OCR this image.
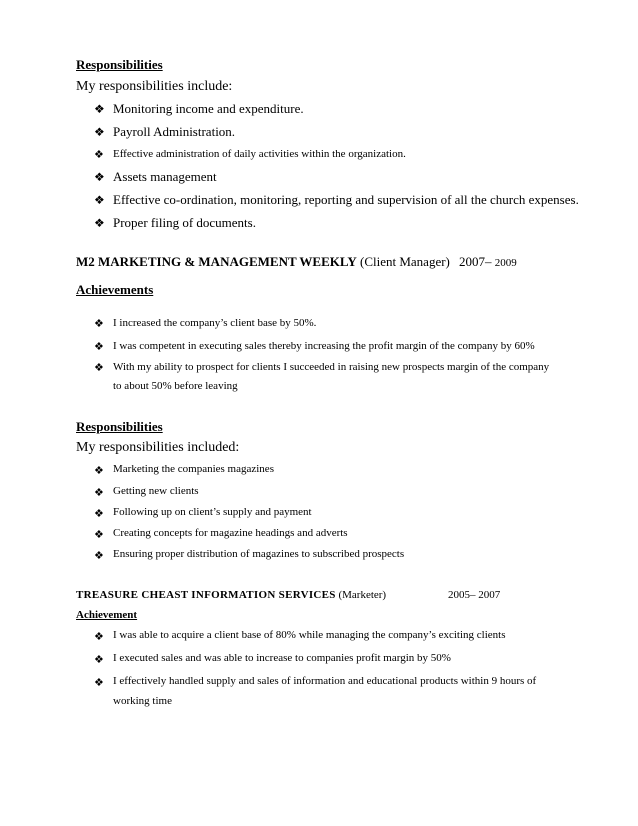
Responsibilities
My responsibilities include:
❖ Monitoring income and expenditure.
❖ Payroll Administration.
❖ Effective administration of daily activities within the organization.
❖ Assets management
❖ Effective co-ordination, monitoring, reporting and supervision of all the church expenses.
❖ Proper filing of documents.
M2 MARKETING & MANAGEMENT WEEKLY (Client Manager) 2007– 2009
Achievements
❖ I increased the company’s client base by 50%.
❖ I was competent in executing sales thereby increasing the profit margin of the company by 60%
❖ With my ability to prospect for clients I succeeded in raising new prospects margin of the company
to about 50% before leaving
Responsibilities
My responsibilities included:
❖ Marketing the companies magazines
❖ Getting new clients
❖ Following up on client’s supply and payment
❖ Creating concepts for magazine headings and adverts
❖ Ensuring proper distribution of magazines to subscribed prospects
TREASURE CHEAST INFORMATION SERVICES (Marketer)	2005– 2007
Achievement
❖ I was able to acquire a client base of 80% while managing the company’s exciting clients
❖ I executed sales and was able to increase to companies profit margin by 50%
❖ I effectively handled supply and sales of information and educational products within 9 hours of
working time
